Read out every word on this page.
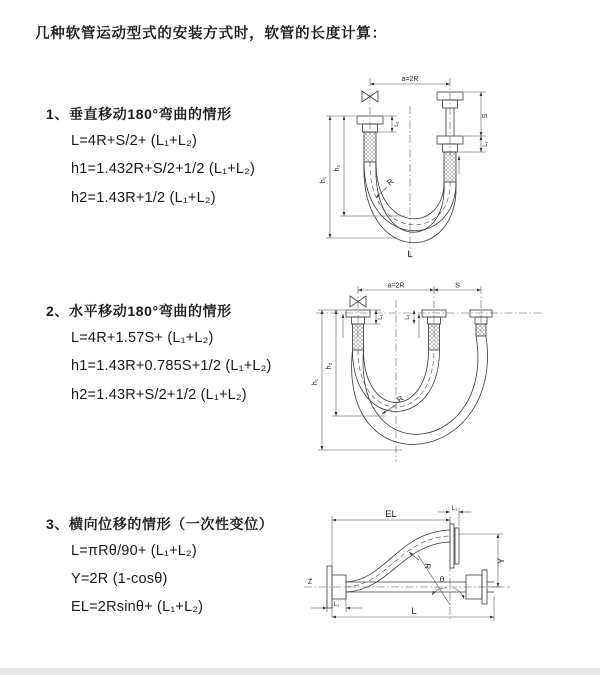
几种软管运动型式的安装方式时，软管的长度计算：
1、垂直移动180°弯曲的情形
L=4R+S/2+ (L₁+L₂)
h1=1.432R+S/2+1/2 (L₁+L₂)
h2=1.43R+1/2 (L₁+L₂)
2、水平移动180°弯曲的情形
L=4R+1.57S+ (L₁+L₂)
h1=1.43R+0.785S+1/2 (L₁+L₂)
h2=1.43R+S/2+1/2 (L₁+L₂)
3、横向位移的情形（一次性变位）
L=πRθ/90+ (L₁+L₂)
Y=2R (1-cosθ)
EL=2Rsinθ+ (L₁+L₂)
a=2R
S
L₁
h₁
h₂
L₁
R
L
a=2R	S
h₁
h₂
L₁	L₁
R
Z̄
EL	L₁
Y
L
L₁
θ
R
